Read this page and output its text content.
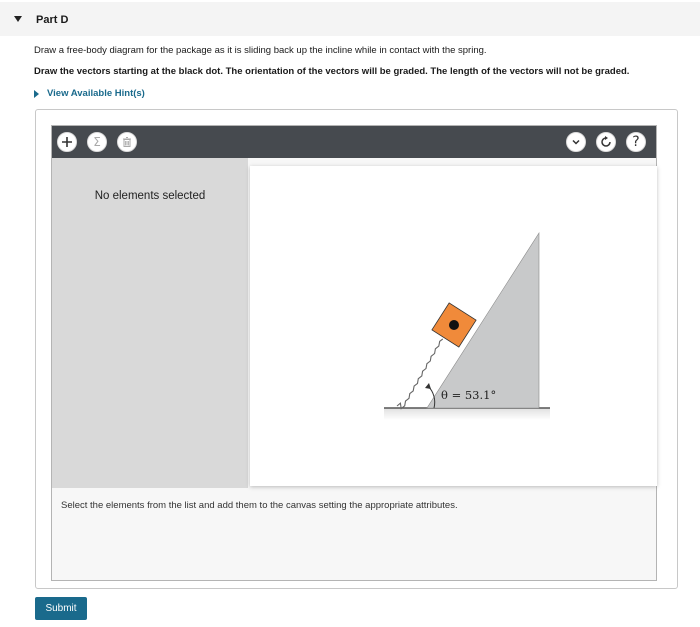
Part D
Draw a free-body diagram for the package as it is sliding back up the incline while in contact with the spring.
Draw the vectors starting at the black dot. The orientation of the vectors will be graded. The length of the vectors will not be graded.
View Available Hint(s)
Σ	?
No elements selected
θ = 53.1°
Select the elements from the list and add them to the canvas setting the appropriate attributes.
Submit
